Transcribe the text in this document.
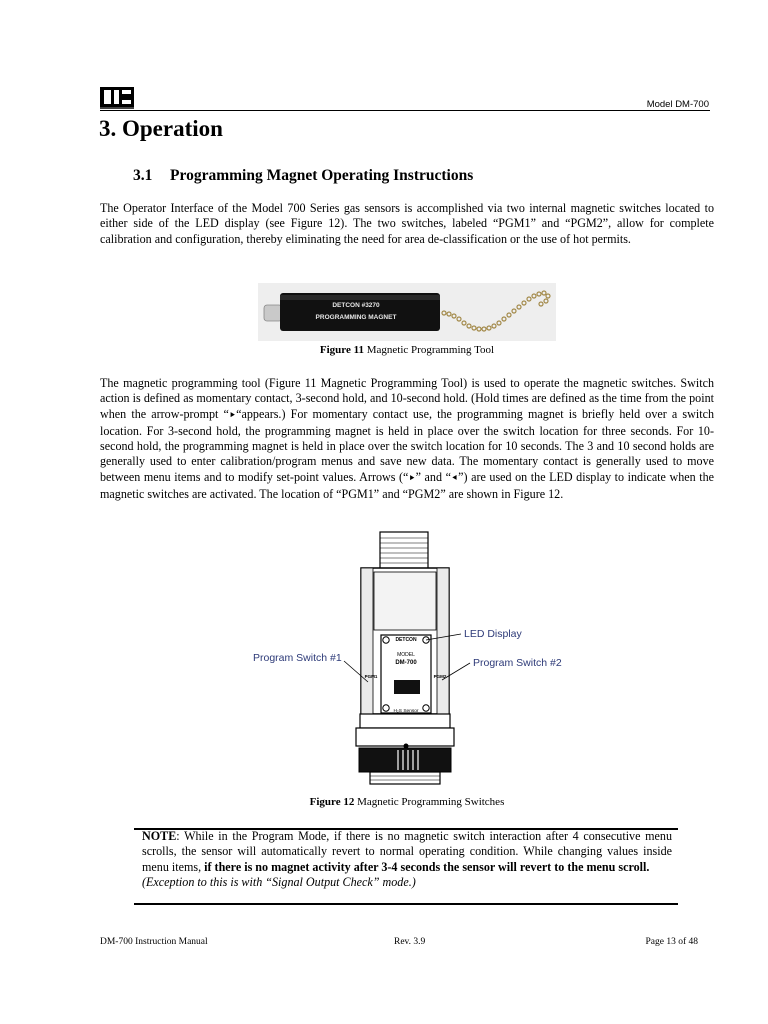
Model DM-700
3. Operation
3.1 Programming Magnet Operating Instructions

The Operator Interface of the Model 700 Series gas sensors is accomplished via two internal magnetic switches located to either side of the LED display (see Figure 12). The two switches, labeled “PGM1” and “PGM2”, allow for complete calibration and configuration, thereby eliminating the need for area de-classification or the use of hot permits.

DETCON #3270
PROGRAMMING MAGNET
Figure 11 Magnetic Programming Tool

The magnetic programming tool (Figure 11 Magnetic Programming Tool) is used to operate the magnetic switches. Switch action is defined as momentary contact, 3-second hold, and 10-second hold. (Hold times are defined as the time from the point when the arrow-prompt “⯈“appears.) For momentary contact use, the programming magnet is briefly held over a switch location. For 3-second hold, the programming magnet is held in place over the switch location for three seconds. For 10-second hold, the programming magnet is held in place over the switch location for 10 seconds. The 3 and 10 second holds are generally used to enter calibration/program menus and save new data. The momentary contact is generally used to move between menu items and to modify set-point values. Arrows (“⯈” and “⯇”) are used on the LED display to indicate when the magnetic switches are activated. The location of “PGM1” and “PGM2” are shown in Figure 12.

DETCON
MODEL
DM-700
H₂S Sensor
PGM1	PGM2
LED Display
Program Switch #1	Program Switch #2
Figure 12 Magnetic Programming Switches

NOTE: While in the Program Mode, if there is no magnetic switch interaction after 4 consecutive menu scrolls, the sensor will automatically revert to normal operating condition. While changing values inside menu items, if there is no magnet activity after 3-4 seconds the sensor will revert to the menu scroll.
(Exception to this is with “Signal Output Check” mode.)

DM-700 Instruction Manual	Rev. 3.9	Page 13 of 48
